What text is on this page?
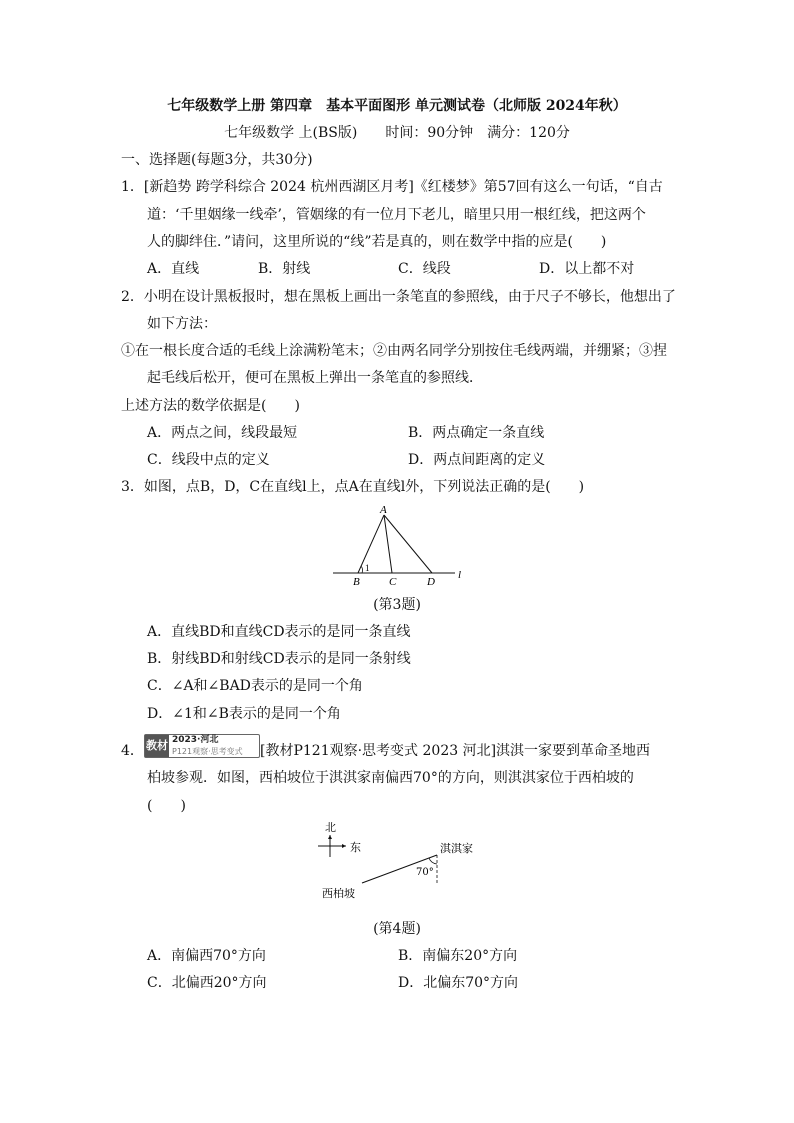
七年级数学上册 第四章　基本平面图形 单元测试卷（北师版 2024年秋）
七年级数学 上(BS版)　　时间：90分钟　满分：120分
一、选择题(每题3分，共30分)
1．[新趋势 跨学科综合 2024 杭州西湖区月考]《红楼梦》第57回有这么一句话，“自古
道：‘千里姻缘一线牵’，管姻缘的有一位月下老儿，暗里只用一根红线，把这两个
人的脚绊住．”请问，这里所说的“线”若是真的，则在数学中指的应是(　　)
A．直线	B．射线	C．线段	D．以上都不对
2．小明在设计黑板报时，想在黑板上画出一条笔直的参照线，由于尺子不够长，他想出了
如下方法：
①在一根长度合适的毛线上涂满粉笔末；②由两名同学分别按住毛线两端，并绷紧；③捏
起毛线后松开，便可在黑板上弹出一条笔直的参照线．
上述方法的数学依据是(　　)
A．两点之间，线段最短	B．两点确定一条直线
C．线段中点的定义	D．两点间距离的定义
3．如图，点B，D，C在直线l上，点A在直线l外，下列说法正确的是(　　)
A
B	C	D
l
1
(第3题)
A．直线BD和直线CD表示的是同一条直线
B．射线BD和射线CD表示的是同一条射线
C．∠A和∠BAD表示的是同一个角
D．∠1和∠B表示的是同一个角
4． 教材 2023·河北
P121观察·思考变式 [教材P121观察·思考变式 2023 河北]淇淇一家要到革命圣地西
柏坡参观．如图，西柏坡位于淇淇家南偏西70°的方向，则淇淇家位于西柏坡的
(　　)
北
东
70°
淇淇家
西柏坡
(第4题)
A．南偏西70°方向	B．南偏东20°方向
C．北偏西20°方向	D．北偏东70°方向
